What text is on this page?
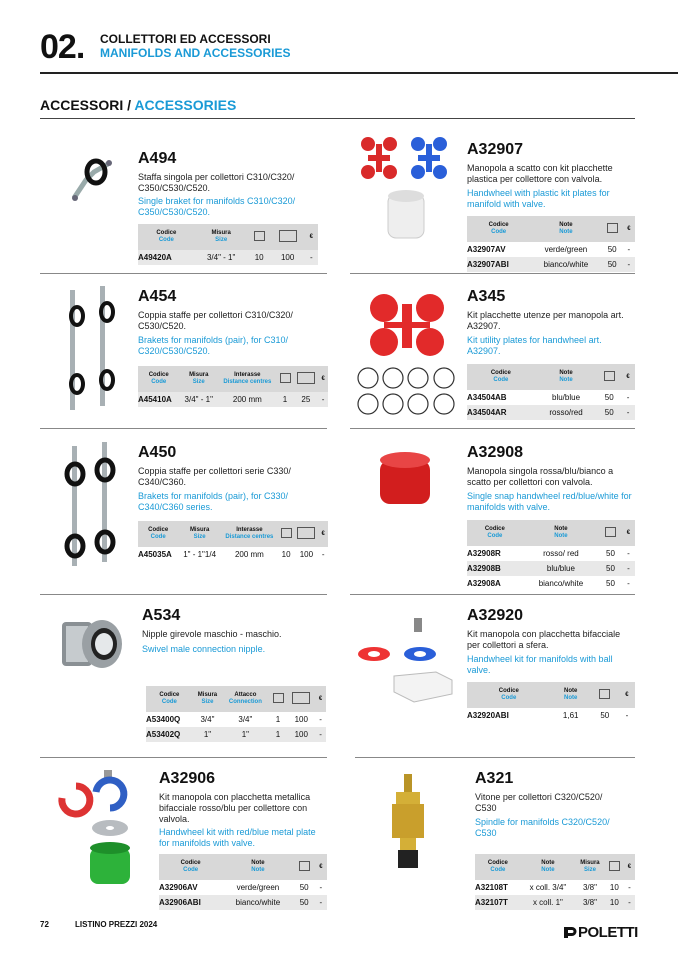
02. COLLETTORI ED ACCESSORI
MANIFOLDS AND ACCESSORIES
ACCESSORI / ACCESSORIES
A494
Staffa singola per collettori C310/C320/ C350/C530/C520.
Single braket for manifolds C310/C320/ C350/C530/C520.
Codice
Code	Misura
Size			€
A49420A	3/4" - 1"	10	100	-
A454
Coppia staffe per collettori C310/C320/ C530/C520.
Brakets for manifolds (pair), for C310/ C320/C530/C520.
Codice
Code	Misura
Size	Interasse
Distance centres			€
A45410A	3/4" - 1"	200 mm	1	25	-
A450
Coppia staffe per collettori serie C330/ C340/C360.
Brakets for manifolds (pair), for C330/ C340/C360 series.
Codice
Code	Misura
Size	Interasse
Distance centres			€
A45035A	1" - 1"1/4	200 mm	10	100	-
A534
Nipple girevole maschio - maschio.
Swivel male connection nipple.
Codice
Code	Misura
Size	Attacco
Connection			€
A53400Q	3/4"	3/4"	1	100	-
A53402Q	1"	1"	1	100	-
A32906
Kit manopola con placchetta metallica bifacciale rosso/blu per collettore con valvola.
Handwheel kit with red/blue metal plate for manifolds with valve.
Codice
Code	Note
Note		€
A32906AV	verde/green	50	-
A32906ABI	bianco/white	50	-
A32907
Manopola a scatto con kit placchette plastica per collettore con valvola.
Handwheel with plastic kit plates for manifold with valve.
Codice
Code	Note
Note		€
A32907AV	verde/green	50	-
A32907ABI	bianco/white	50	-
A345
Kit placchette utenze per manopola art. A32907.
Kit utility plates for handwheel art. A32907.
Codice
Code	Note
Note		€
A34504AB	blu/blue	50	-
A34504AR	rosso/red	50	-
A32908
Manopola singola rossa/blu/bianco a scatto per collettori con valvola.
Single snap handwheel red/blue/white for manifolds with valve.
Codice
Code	Note
Note		€
A32908R	rosso/ red	50	-
A32908B	blu/blue	50	-
A32908A	bianco/white	50	-
A32920
Kit manopola con placchetta bifacciale per collettori a sfera.
Handwheel kit for manifolds with ball valve.
Codice
Code	Note
Note		€
A32920ABI	1,61	50	-
A321
Vitone per collettori C320/C520/ C530
Spindle for manifolds C320/C520/ C530
Codice
Code	Note
Note	Misura
Size		€
A32108T	x coll. 3/4"	3/8"	10	-
A32107T	x coll. 1"	3/8"	10	-
72	LISTINO PREZZI 2024	POLETTI
